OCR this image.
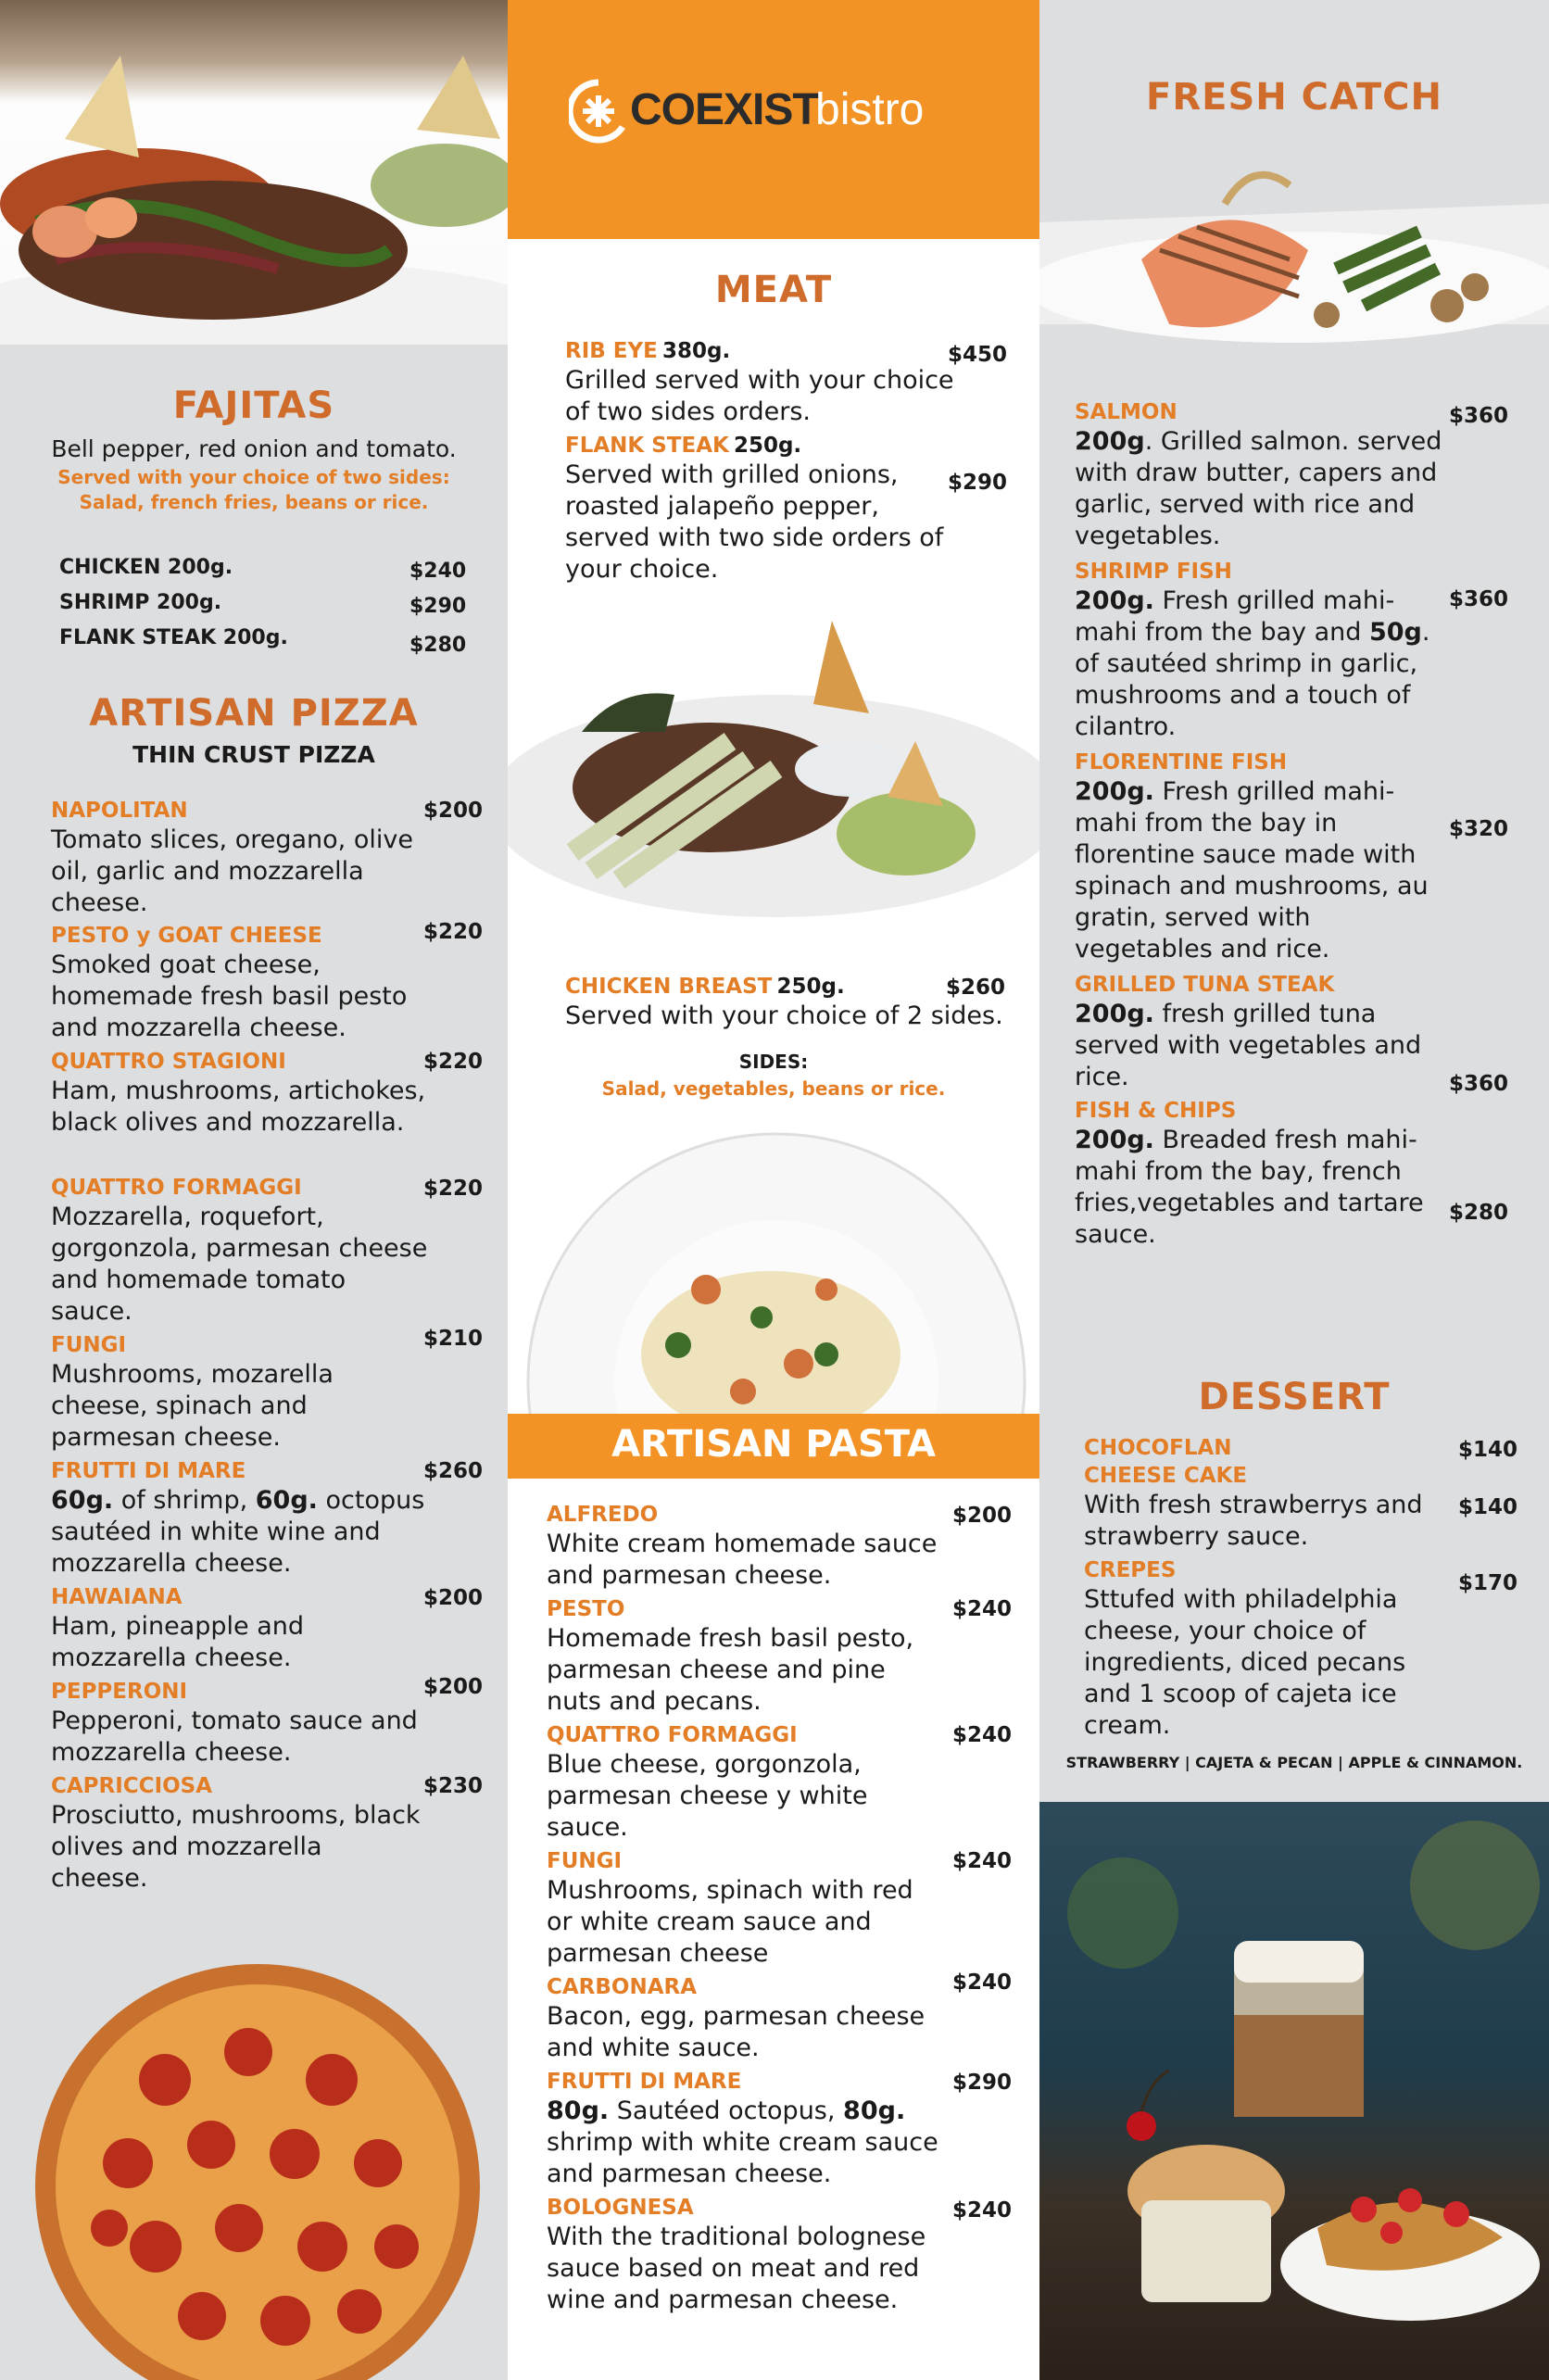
FAJITAS
Bell pepper, red onion and tomato.
Served with your choice of two sides:
Salad, french fries, beans or rice.
CHICKEN 200g.	$240
SHRIMP 200g.	$290
FLANK STEAK 200g.	$280
ARTISAN PIZZA
THIN CRUST PIZZA
NAPOLITAN
Tomato slices, oregano, olive oil, garlic and mozzarella cheese.
$200
PESTO y GOAT CHEESE
Smoked goat cheese, homemade fresh basil pesto and mozzarella cheese.
$220
QUATTRO STAGIONI
Ham, mushrooms, artichokes, black olives and mozzarella.
$220
QUATTRO FORMAGGI
Mozzarella, roquefort, gorgonzola, parmesan cheese and homemade tomato sauce.
$220
FUNGI
Mushrooms, mozarella cheese, spinach and parmesan cheese.
$210
FRUTTI DI MARE
60g. of shrimp, 60g. octopus sautéed in white wine and mozzarella cheese.
$260
HAWAIANA
Ham, pineapple and mozzarella cheese.
$200
PEPPERONI
Pepperoni, tomato sauce and mozzarella cheese.
$200
CAPRICCIOSA
Prosciutto, mushrooms, black olives and mozzarella cheese.
$230
COEXIST
bistro
MEAT
RIB EYE 380g.
Grilled served with your choice of two sides orders.
$450
FLANK STEAK 250g.
Served with grilled onions, roasted jalapeño pepper, served with two side orders of your choice.
$290
CHICKEN BREAST 250g.
Served with your choice of 2 sides.
$260
SIDES:
Salad, vegetables, beans or rice.
ARTISAN PASTA
ALFREDO
White cream homemade sauce and parmesan cheese.
$200
PESTO
Homemade fresh basil pesto, parmesan cheese and pine nuts and pecans.
$240
QUATTRO FORMAGGI
Blue cheese, gorgonzola, parmesan cheese y white sauce.
$240
FUNGI
Mushrooms, spinach with red or white cream sauce and parmesan cheese
$240
CARBONARA
Bacon, egg, parmesan cheese and white sauce.
$240
FRUTTI DI MARE
80g. Sautéed octopus, 80g. shrimp with white cream sauce and parmesan cheese.
$290
BOLOGNESA
With the traditional bolognese sauce based on meat and red wine and parmesan cheese.
$240
FRESH CATCH
SALMON
200g. Grilled salmon. served with draw butter, capers and garlic, served with rice and vegetables.
$360
SHRIMP FISH
200g. Fresh grilled mahi-mahi from the bay and 50g. of sautéed shrimp in garlic, mushrooms and a touch of cilantro.
$360
FLORENTINE FISH
200g. Fresh grilled mahi-mahi from the bay in florentine sauce made with spinach and mushrooms, au gratin, served with vegetables and rice.
$320
GRILLED TUNA STEAK
200g. fresh grilled tuna served with vegetables and rice.	$360
FISH & CHIPS
200g. Breaded fresh mahi-mahi from the bay, french fries,vegetables and tartare sauce.
$280
DESSERT
CHOCOFLAN	$140
CHEESE CAKE
With fresh strawberrys and strawberry sauce.
$140
CREPES
Sttufed with philadelphia cheese, your choice of ingredients, diced pecans and 1 scoop of cajeta ice cream.
$170
STRAWBERRY | CAJETA & PECAN | APPLE & CINNAMON.
